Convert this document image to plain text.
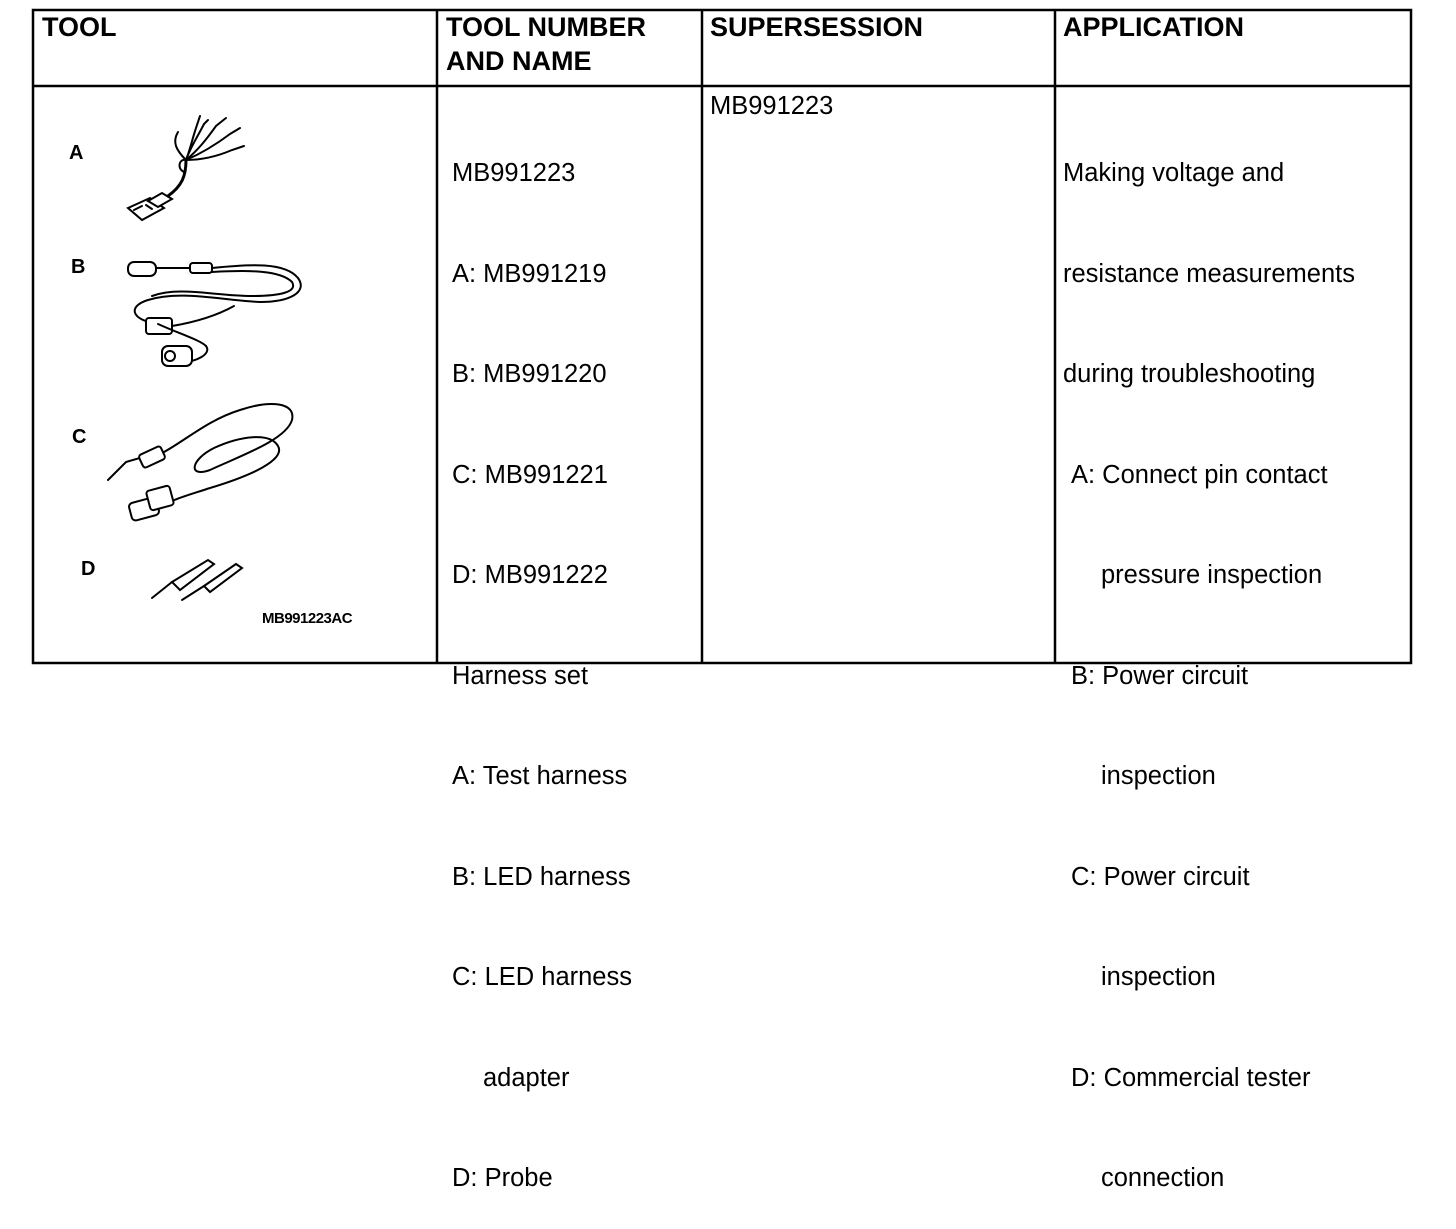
TOOL	TOOL NUMBER
AND NAME
SUPERSESSION	APPLICATION
A
B
C
D
MB991223AC

MB991223

A: MB991219

B: MB991220

C: MB991221

D: MB991222

Harness set

A: Test harness

B: LED harness

C: LED harness

adapter

D: Probe

MB991223

Making voltage and

resistance measurements

during troubleshooting

A: Connect pin contact

pressure inspection

B: Power circuit

inspection

C: Power circuit

inspection

D: Commercial tester

connection
